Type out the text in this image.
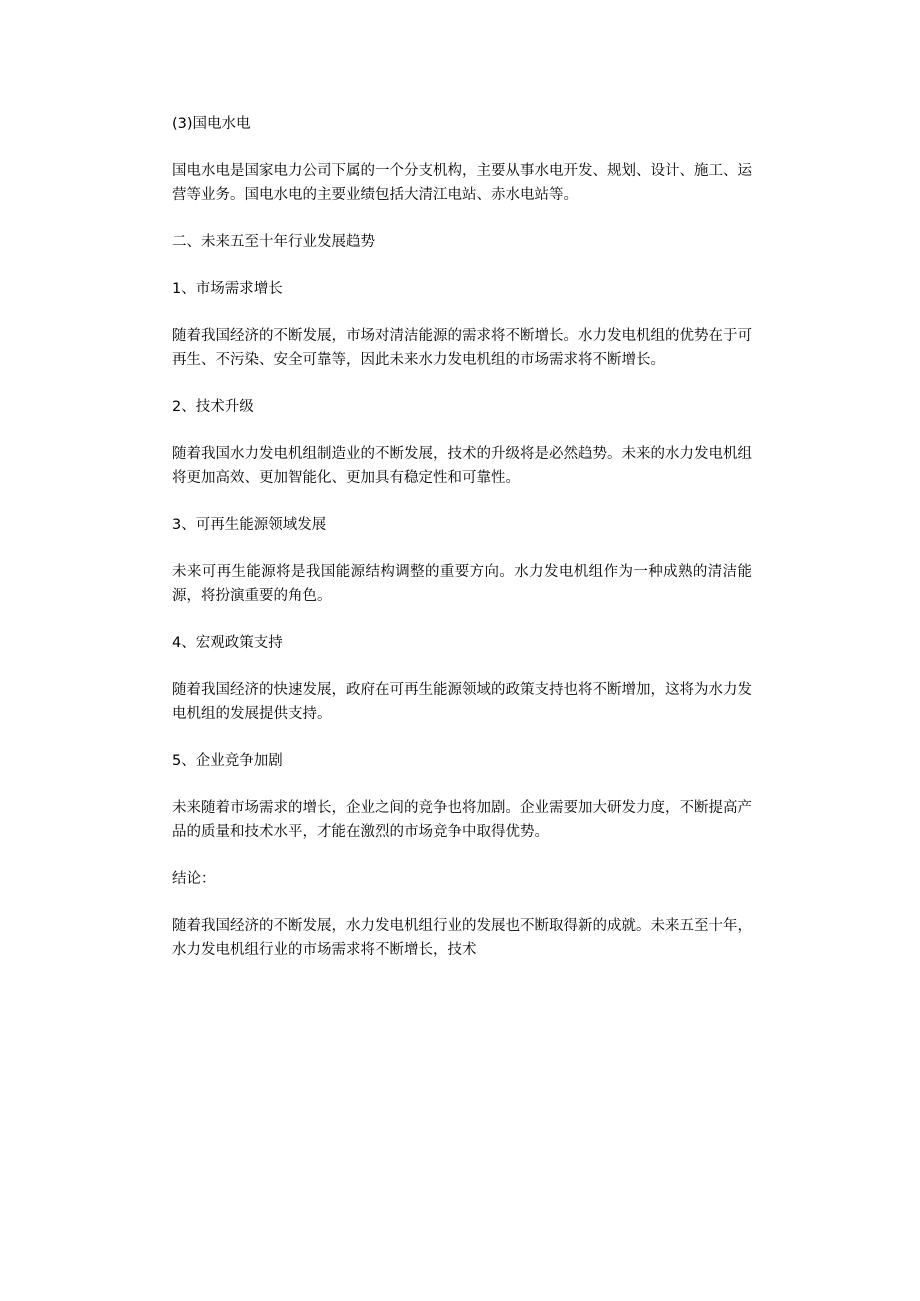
(3)国电水电

国电水电是国家电力公司下属的一个分支机构，主要从事水电开发、规划、设计、施工、运营等业务。国电水电的主要业绩包括大清江电站、赤水电站等。

二、未来五至十年行业发展趋势

1、市场需求增长

随着我国经济的不断发展，市场对清洁能源的需求将不断增长。水力发电机组的优势在于可再生、不污染、安全可靠等，因此未来水力发电机组的市场需求将不断增长。

2、技术升级

随着我国水力发电机组制造业的不断发展，技术的升级将是必然趋势。未来的水力发电机组将更加高效、更加智能化、更加具有稳定性和可靠性。

3、可再生能源领域发展

未来可再生能源将是我国能源结构调整的重要方向。水力发电机组作为一种成熟的清洁能源，将扮演重要的角色。

4、宏观政策支持

随着我国经济的快速发展，政府在可再生能源领域的政策支持也将不断增加，这将为水力发电机组的发展提供支持。

5、企业竞争加剧

未来随着市场需求的增长，企业之间的竞争也将加剧。企业需要加大研发力度，不断提高产品的质量和技术水平，才能在激烈的市场竞争中取得优势。

结论：

随着我国经济的不断发展，水力发电机组行业的发展也不断取得新的成就。未来五至十年，水力发电机组行业的市场需求将不断增长，技术
